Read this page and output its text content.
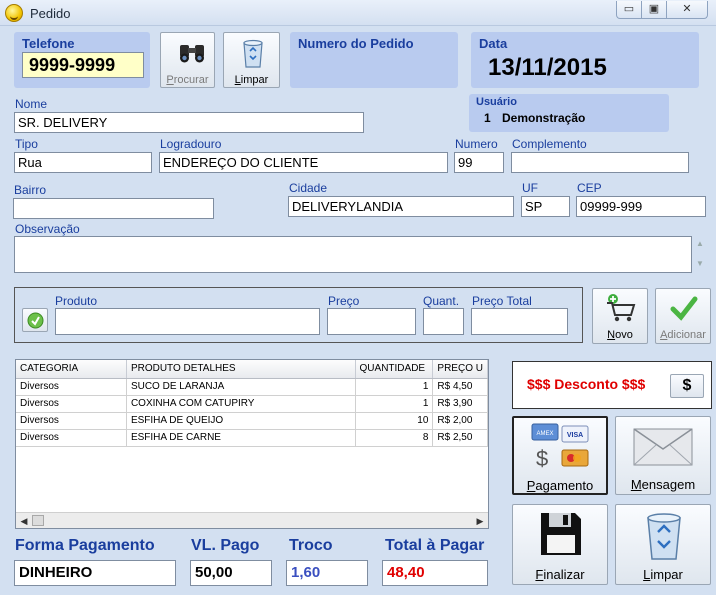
Pedido	▭	▣	✕
Telefone
9999-9999
Procurar	Limpar
Numero do Pedido	Data
13/11/2015
Usuário
1 Demonstração
Nome
SR. DELIVERY
Tipo
Rua
Logradouro
ENDEREÇO DO CLIENTE
Numero
99
Complemento
Bairro	Cidade
DELIVERYLANDIA
UF
SP
CEP
09999-999
Observação
▲
▼
Produto	Preço	Quant. Preço Total
Novo	Adicionar
CATEGORIA	PRODUTO DETALHES	QUANTIDADE	PREÇO U
Diversos	SUCO DE LARANJA	1	R$ 4,50
Diversos	COXINHA COM CATUPIRY	1	R$ 3,90
Diversos	ESFIHA DE QUEIJO	10	R$ 2,00
Diversos	ESFIHA DE CARNE	8	R$ 2,50
◀	▶
$$$ Desconto $$$	$
AMEX VISA
$
Pagamento	Mensagem
Finalizar	Limpar
Forma Pagamento
DINHEIRO
VL. Pago
50,00
Troco
1,60
Total à Pagar
48,40
